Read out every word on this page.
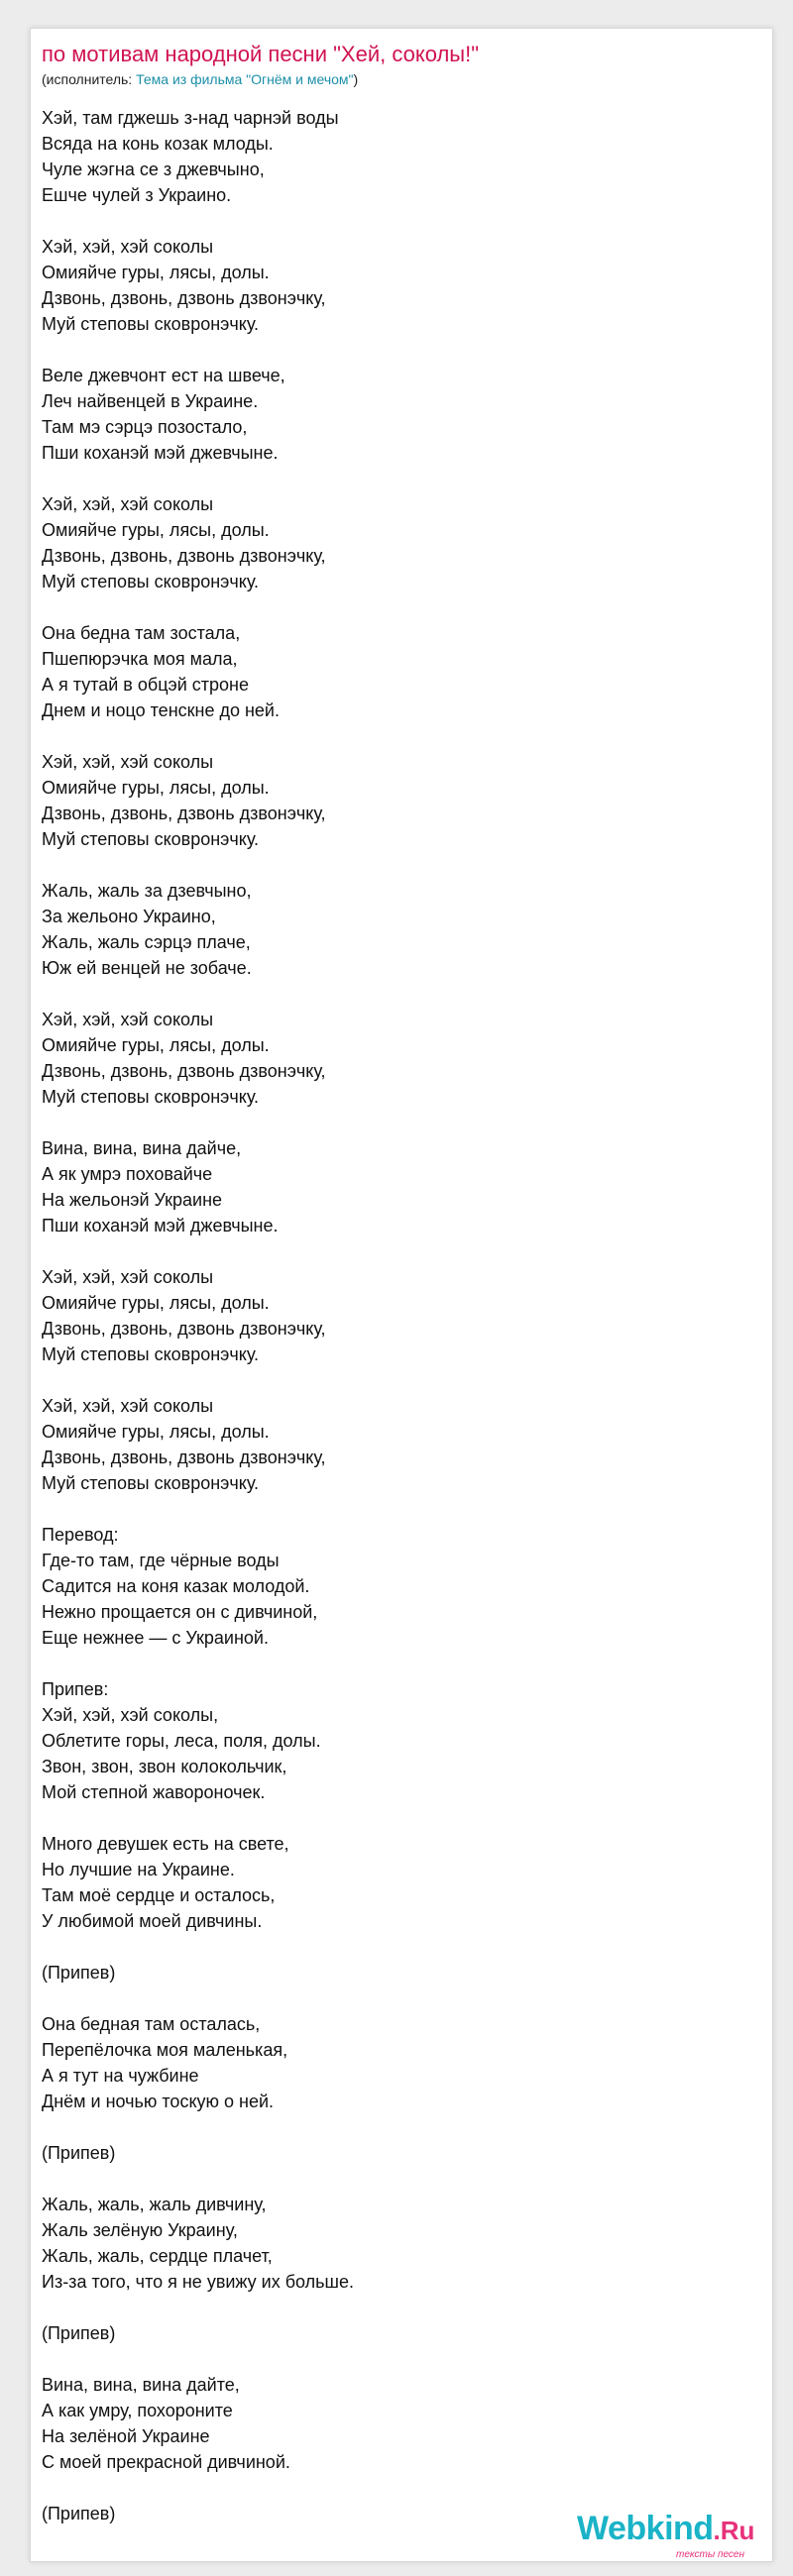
по мотивам народной песни "Хей, соколы!"
(исполнитель: Тема из фильма "Огнём и мечом")
Хэй, там гджешь з-над чарнэй воды
Всяда на конь козак млоды.
Чуле жэгна се з джевчыно,
Ешче чулей з Украино.
Хэй, хэй, хэй соколы
Омияйче гуры, лясы, долы.
Дзвонь, дзвонь, дзвонь дзвонэчку,
Муй степовы сковронэчку.
Веле джевчонт ест на швече,
Леч найвенцей в Украине.
Там мэ сэрцэ позостало,
Пши коханэй мэй джевчыне.
Хэй, хэй, хэй соколы
Омияйче гуры, лясы, долы.
Дзвонь, дзвонь, дзвонь дзвонэчку,
Муй степовы сковронэчку.
Она бедна там зостала,
Пшепюрэчка моя мала,
А я тутай в обцэй строне
Днем и ноцо тенскне до ней.
Хэй, хэй, хэй соколы
Омияйче гуры, лясы, долы.
Дзвонь, дзвонь, дзвонь дзвонэчку,
Муй степовы сковронэчку.
Жаль, жаль за дзевчыно,
За жельоно Украино,
Жаль, жаль сэрцэ плаче,
Юж ей венцей не зобаче.
Хэй, хэй, хэй соколы
Омияйче гуры, лясы, долы.
Дзвонь, дзвонь, дзвонь дзвонэчку,
Муй степовы сковронэчку.
Вина, вина, вина дайче,
А як умрэ поховайче
На жельонэй Украине
Пши коханэй мэй джевчыне.
Хэй, хэй, хэй соколы
Омияйче гуры, лясы, долы.
Дзвонь, дзвонь, дзвонь дзвонэчку,
Муй степовы сковронэчку.
Хэй, хэй, хэй соколы
Омияйче гуры, лясы, долы.
Дзвонь, дзвонь, дзвонь дзвонэчку,
Муй степовы сковронэчку.
Перевод:
Где-то там, где чёрные воды
Садится на коня казак молодой.
Нежно прощается он с дивчиной,
Еще нежнее — с Украиной.
Припев:
Хэй, хэй, хэй соколы,
Облетите горы, леса, поля, долы.
Звон, звон, звон колокольчик,
Мой степной жавороночек.
Много девушек есть на свете,
Но лучшие на Украине.
Там моё сердце и осталось,
У любимой моей дивчины.
(Припев)
Она бедная там осталась,
Перепёлочка моя маленькая,
А я тут на чужбине
Днём и ночью тоскую о ней.
(Припев)
Жаль, жаль, жаль дивчину,
Жаль зелёную Украину,
Жаль, жаль, сердце плачет,
Из-за того, что я не увижу их больше.
(Припев)
Вина, вина, вина дайте,
А как умру, похороните
На зелёной Украине
С моей прекрасной дивчиной.
(Припев)	Webkind.Ru
тексты песен
